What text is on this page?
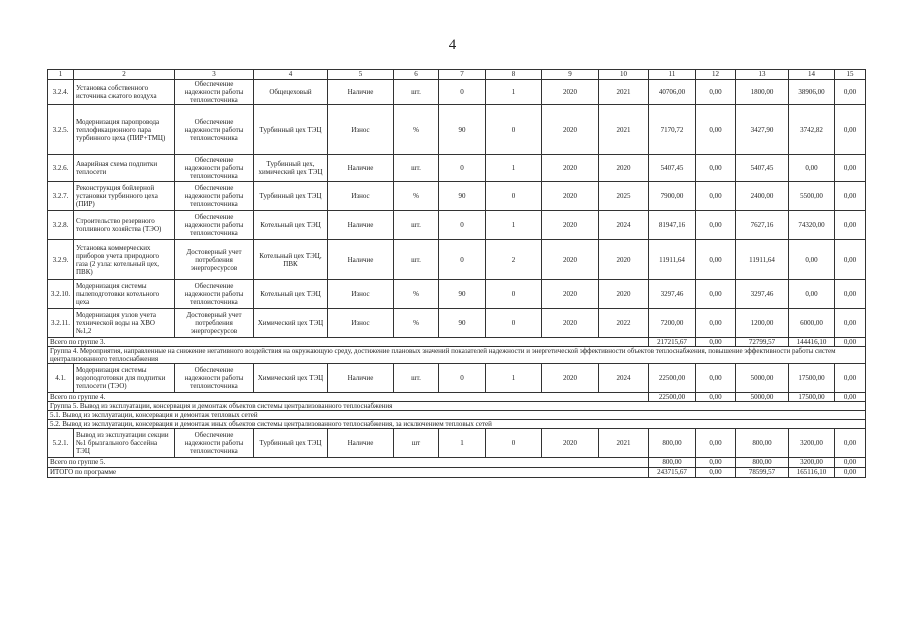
4
1	2	3	4	5	6	7	8	9	10	11	12	13	14	15
3.2.4.	Установка собственного источника сжатого воздуха	Обеспечение надежности работы теплоисточника	Общецеховый	Наличие	шт.	0	1	2020	2021	40706,00	0,00	1800,00	38906,00	0,00
3.2.5.	Модернизация паропровода теплофикационного пара турбинного цеха (ПИР+ТМЦ)	Обеспечение надежности работы теплоисточника	Турбинный цех ТЭЦ	Износ	%	90	0	2020	2021	7170,72	0,00	3427,90	3742,82	0,00
3.2.6.	Аварийная схема подпитки теплосети	Обеспечение надежности работы теплоисточника	Турбинный цех, химический цех ТЭЦ	Наличие	шт.	0	1	2020	2020	5407,45	0,00	5407,45	0,00	0,00
3.2.7.	Реконструкция бойлерной установки турбинного цеха (ПИР)	Обеспечение надежности работы теплоисточника	Турбинный цех ТЭЦ	Износ	%	90	0	2020	2025	7900,00	0,00	2400,00	5500,00	0,00
3.2.8.	Строительство резервного топливного хозяйства (ТЭО)	Обеспечение надежности работы теплоисточника	Котельный цех ТЭЦ	Наличие	шт.	0	1	2020	2024	81947,16	0,00	7627,16	74320,00	0,00
3.2.9.	Установка коммерческих приборов учета природного газа (2 узла: котельный цех, ПВК)	Достоверный учет потребления энергоресурсов	Котельный цех ТЭЦ, ПВК	Наличие	шт.	0	2	2020	2020	11911,64	0,00	11911,64	0,00	0,00
3.2.10.	Модернизация системы пылеподготовки котельного цеха	Обеспечение надежности работы теплоисточника	Котельный цех ТЭЦ	Износ	%	90	0	2020	2020	3297,46	0,00	3297,46	0,00	0,00
3.2.11.	Модернизация узлов учета технической воды на ХВО №1,2	Достоверный учет потребления энергоресурсов	Химический цех ТЭЦ	Износ	%	90	0	2020	2022	7200,00	0,00	1200,00	6000,00	0,00
Всего по группе 3.										217215,67	0,00	72799,57	144416,10	0,00
Группа 4. Мероприятия, направленные на снижение негативного воздействия на окружающую среду, достижение плановых значений показателей надежности и энергетической эффективности объектов теплоснабжения, повышение эффективности работы систем централизованного теплоснабжения														
4.1.	Модернизация системы водоподготовки для подпитки теплосети (ТЭО)	Обеспечение надежности работы теплоисточника	Химический цех ТЭЦ	Наличие	шт.	0	1	2020	2024	22500,00	0,00	5000,00	17500,00	0,00
Всего по группе 4.										22500,00	0,00	5000,00	17500,00	0,00
Группа 5. Вывод из эксплуатации, консервация и демонтаж объектов системы централизованного теплоснабжения														
5.1. Вывод из эксплуатации, консервация и демонтаж тепловых сетей														
5.2. Вывод из эксплуатации, консервация и демонтаж иных объектов системы централизованного теплоснабжения, за исключением тепловых сетей														
5.2.1.	Вывод из эксплуатации секции №1 брызгального бассейна ТЭЦ	Обеспечение надежности работы теплоисточника	Турбинный цех ТЭЦ	Наличие	шт	1	0	2020	2021	800,00	0,00	800,00	3200,00	0,00
Всего по группе 5.										800,00	0,00	800,00	3200,00	0,00
ИТОГО по программе										243715,67	0,00	78599,57	165116,10	0,00
